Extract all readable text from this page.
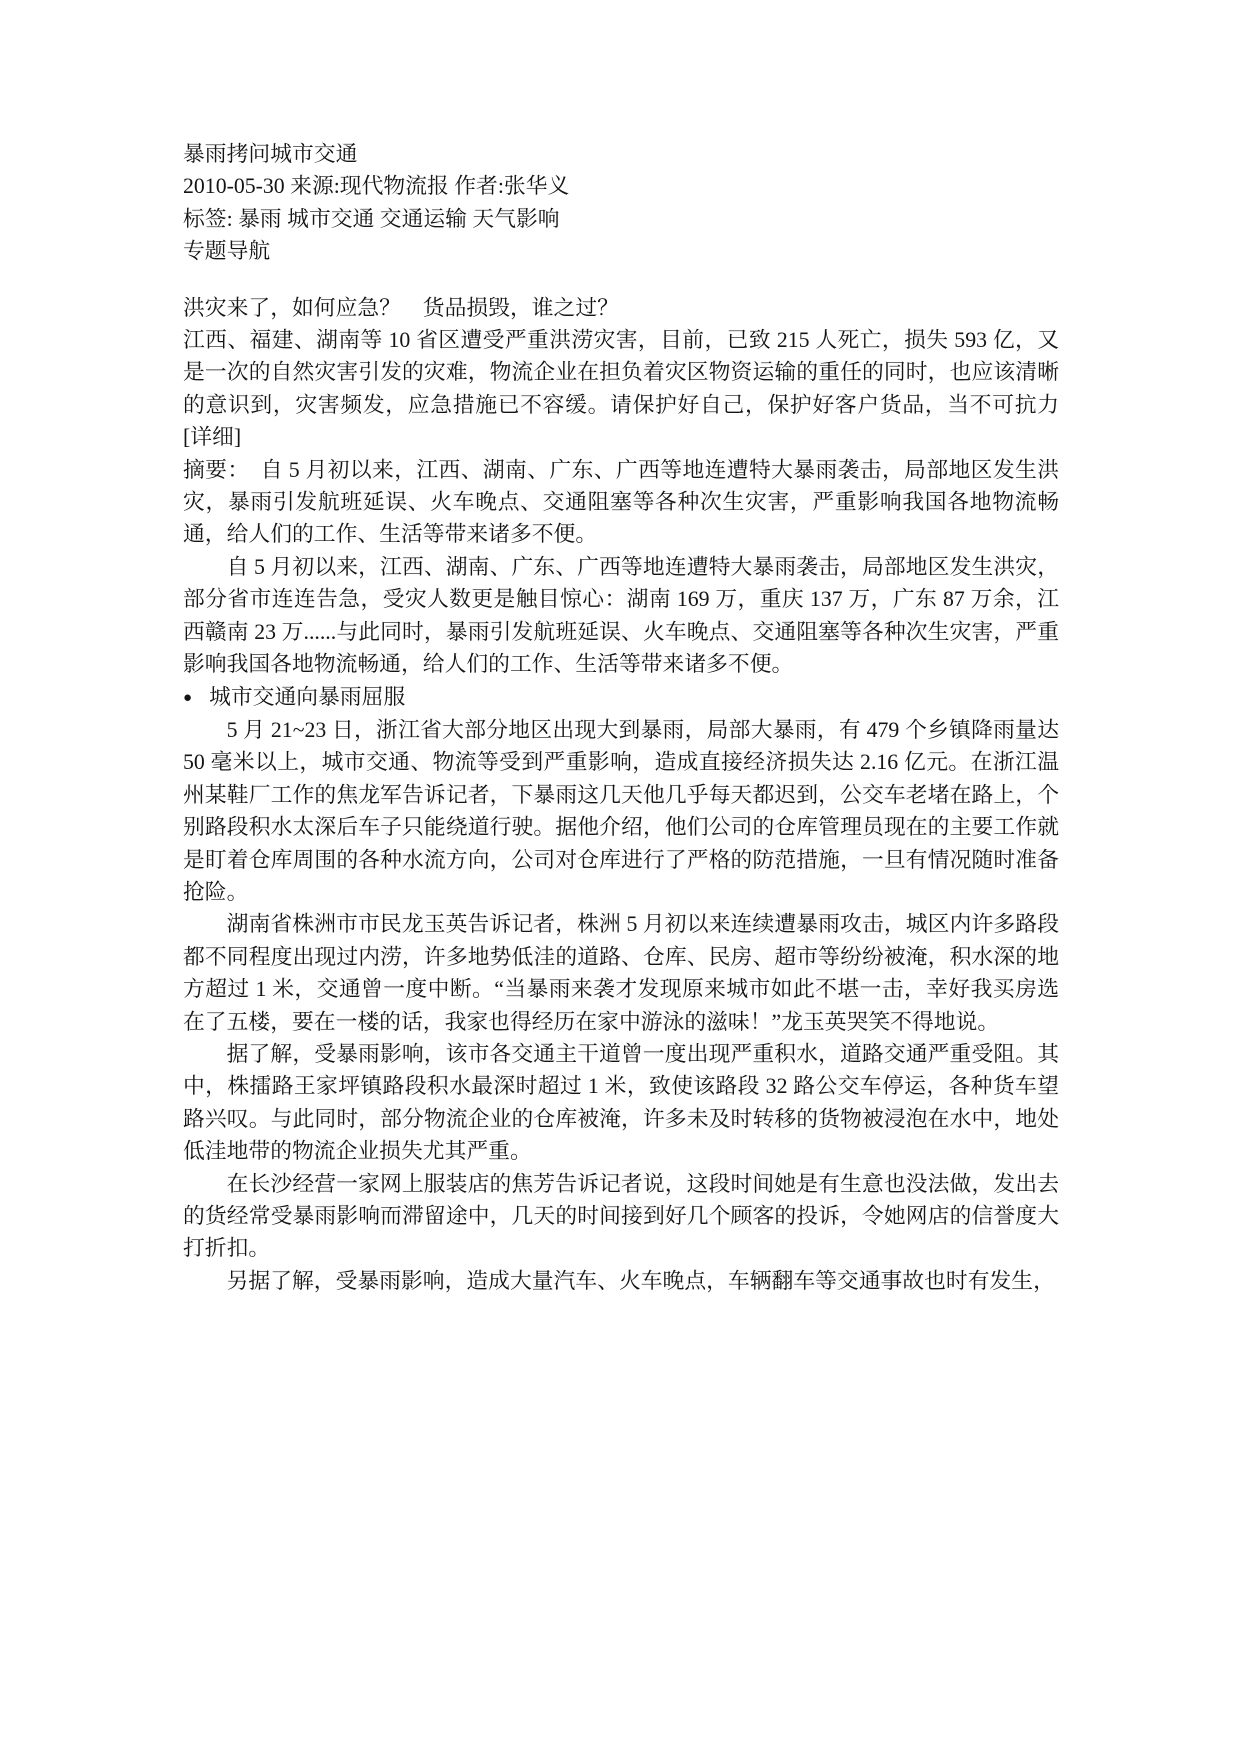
暴雨拷问城市交通

2010-05-30 来源:现代物流报 作者:张华义

标签: 暴雨 城市交通 交通运输 天气影响

专题导航

洪灾来了，如何应急？　货品损毁，谁之过？

江西、福建、湖南等 10 省区遭受严重洪涝灾害，目前，已致 215 人死亡，损失 593 亿，又是一次的自然灾害引发的灾难，物流企业在担负着灾区物资运输的重任的同时，也应该清晰的意识到，灾害频发，应急措施已不容缓。请保护好自己，保护好客户货品，当不可抗力 [详细]

摘要：　自 5 月初以来，江西、湖南、广东、广西等地连遭特大暴雨袭击，局部地区发生洪灾，暴雨引发航班延误、火车晚点、交通阻塞等各种次生灾害，严重影响我国各地物流畅通，给人们的工作、生活等带来诸多不便。

自 5 月初以来，江西、湖南、广东、广西等地连遭特大暴雨袭击，局部地区发生洪灾，部分省市连连告急，受灾人数更是触目惊心：湖南 169 万，重庆 137 万，广东 87 万余，江西赣南 23 万......与此同时，暴雨引发航班延误、火车晚点、交通阻塞等各种次生灾害，严重影响我国各地物流畅通，给人们的工作、生活等带来诸多不便。

● 城市交通向暴雨屈服

5 月 21~23 日，浙江省大部分地区出现大到暴雨，局部大暴雨，有 479 个乡镇降雨量达 50 毫米以上，城市交通、物流等受到严重影响，造成直接经济损失达 2.16 亿元。在浙江温州某鞋厂工作的焦龙军告诉记者，下暴雨这几天他几乎每天都迟到，公交车老堵在路上，个别路段积水太深后车子只能绕道行驶。据他介绍，他们公司的仓库管理员现在的主要工作就是盯着仓库周围的各种水流方向，公司对仓库进行了严格的防范措施，一旦有情况随时准备抢险。

湖南省株洲市市民龙玉英告诉记者，株洲 5 月初以来连续遭暴雨攻击，城区内许多路段都不同程度出现过内涝，许多地势低洼的道路、仓库、民房、超市等纷纷被淹，积水深的地方超过 1 米，交通曾一度中断。“当暴雨来袭才发现原来城市如此不堪一击，幸好我买房选在了五楼，要在一楼的话，我家也得经历在家中游泳的滋味！”龙玉英哭笑不得地说。

据了解，受暴雨影响，该市各交通主干道曾一度出现严重积水，道路交通严重受阻。其中，株擂路王家坪镇路段积水最深时超过 1 米，致使该路段 32 路公交车停运，各种货车望路兴叹。与此同时，部分物流企业的仓库被淹，许多未及时转移的货物被浸泡在水中，地处低洼地带的物流企业损失尤其严重。

在长沙经营一家网上服装店的焦芳告诉记者说，这段时间她是有生意也没法做，发出去的货经常受暴雨影响而滞留途中，几天的时间接到好几个顾客的投诉，令她网店的信誉度大打折扣。

另据了解，受暴雨影响，造成大量汽车、火车晚点，车辆翻车等交通事故也时有发生，
